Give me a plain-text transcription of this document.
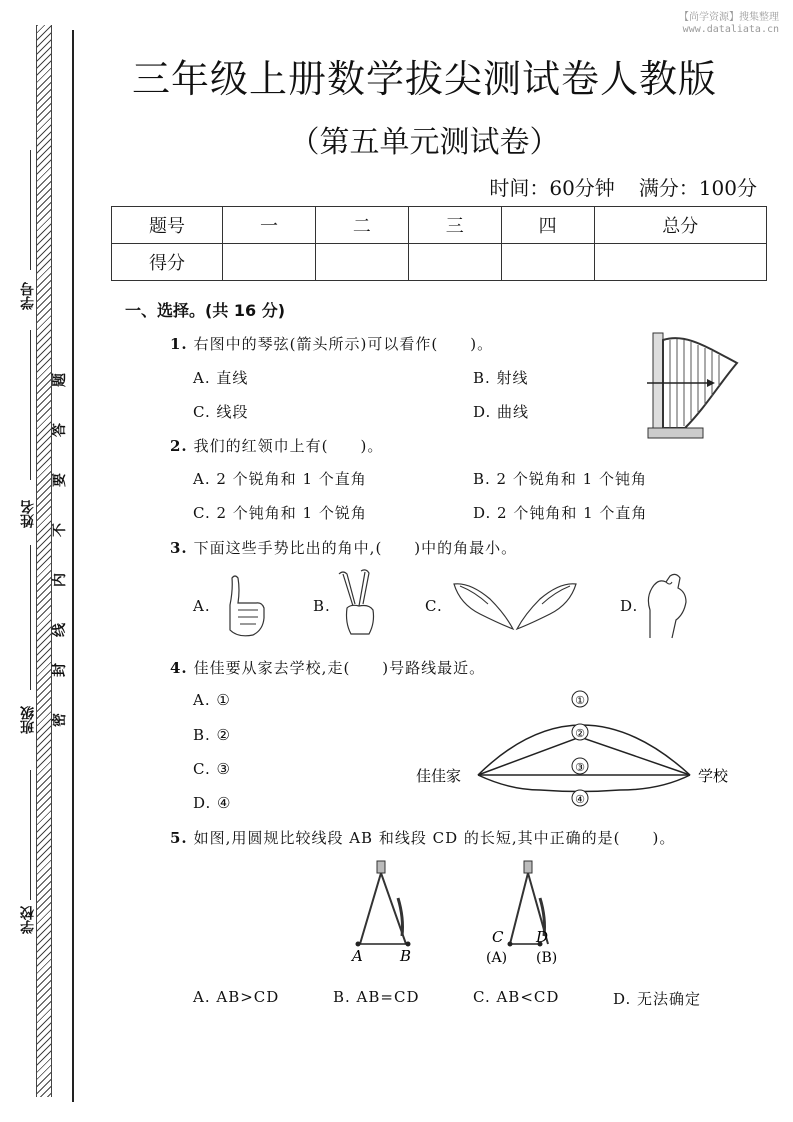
学号
姓名
班级
学校
题
答
要
不
内
线
封
密
【尚学资源】搜集整理
www.dataliata.cn
三年级上册数学拔尖测试卷人教版
（第五单元测试卷）
时间：60分钟 满分：100分
题号	一	二	三	四	总分
得分					
一、选择。(共 16 分)
1. 右图中的琴弦(箭头所示)可以看作(　　)。
A. 直线	B. 射线
C. 线段	D. 曲线
2. 我们的红领巾上有(　　)。
A. 2 个锐角和 1 个直角	B. 2 个锐角和 1 个钝角
C. 2 个钝角和 1 个锐角	D. 2 个钝角和 1 个直角
3. 下面这些手势比出的角中,(　　)中的角最小。
A.	B.	C.	D.
4. 佳佳要从家去学校,走(　　)号路线最近。
A. ①
B. ②
C. ③
D. ④
①
②
③
④
佳佳家	学校
5. 如图,用圆规比较线段 AB 和线段 CD 的长短,其中正确的是(　　)。
A B
C D
(A) (B)
A. AB>CD	B. AB=CD	C. AB<CD	D. 无法确定
